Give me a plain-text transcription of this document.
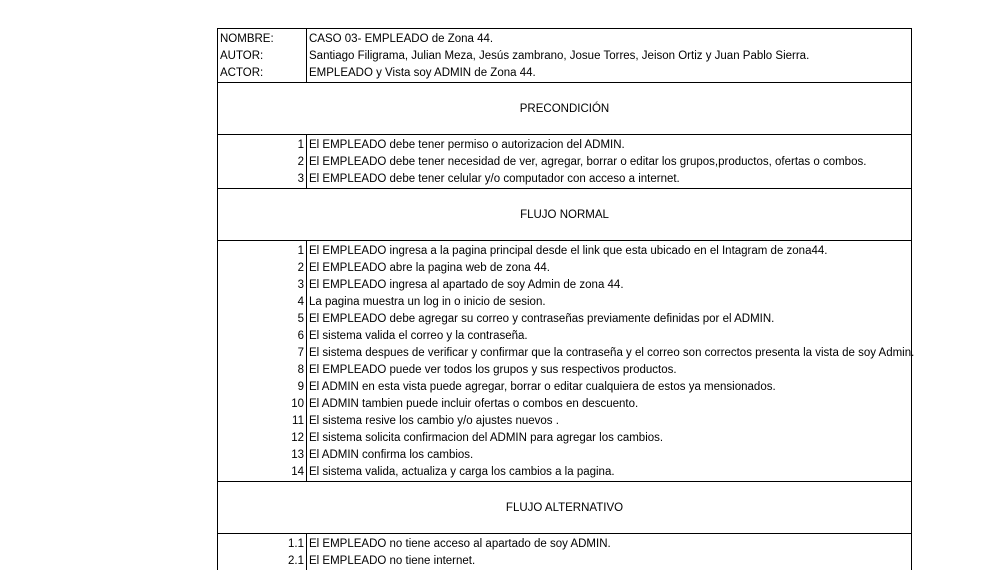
NOMBRE:	CASO 03- EMPLEADO de Zona 44.
AUTOR:	Santiago Filigrama, Julian Meza, Jesús zambrano, Josue Torres, Jeison Ortiz y Juan Pablo Sierra.
ACTOR:	EMPLEADO y Vista soy ADMIN de Zona 44.
PRECONDICIÓN
1 El EMPLEADO debe tener permiso o autorizacion del ADMIN.
2 El EMPLEADO debe tener necesidad de ver, agregar, borrar o editar los grupos,productos, ofertas o combos.
3 El EMPLEADO debe tener celular y/o computador con acceso a internet.
FLUJO NORMAL
1 El EMPLEADO ingresa a la pagina principal desde el link que esta ubicado en el Intagram de zona44.
2 El EMPLEADO abre la pagina web de zona 44.
3 El EMPLEADO ingresa al apartado de soy Admin de zona 44.
4 La pagina muestra un log in o inicio de sesion.
5 El EMPLEADO debe agregar su correo y contraseñas previamente definidas por el ADMIN.
6 El sistema valida el correo y la contraseña.
7 El sistema despues de verificar y confirmar que la contraseña y el correo son correctos presenta la vista de soy Admin.
8 El EMPLEADO puede ver todos los grupos y sus respectivos productos.
9 El ADMIN en esta vista puede agregar, borrar o editar cualquiera de estos ya mensionados.
10 El ADMIN tambien puede incluir ofertas o combos en descuento.
11 El sistema resive los cambio y/o ajustes nuevos .
12 El sistema solicita confirmacion del ADMIN para agregar los cambios.
13 El ADMIN confirma los cambios.
14 El sistema valida, actualiza y carga los cambios a la pagina.
FLUJO ALTERNATIVO
1.1 El EMPLEADO no tiene acceso al apartado de soy ADMIN.
2.1 El EMPLEADO no tiene internet.
